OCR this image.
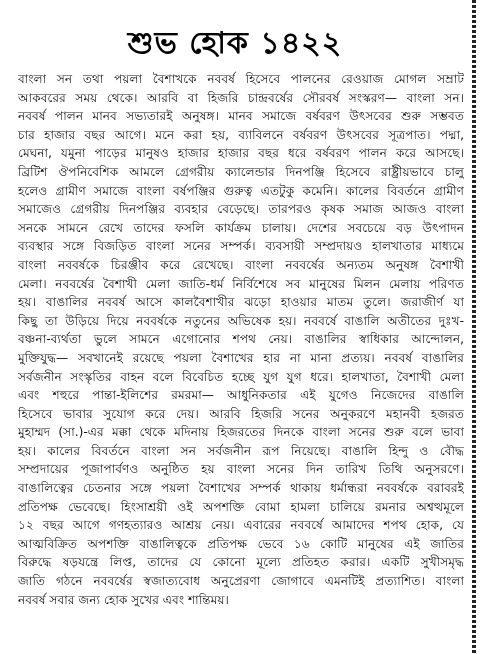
শুভ হোক ১৪২২
বাংলা সন তথা পয়লা বৈশাখকে নববর্ষ হিসেবে পালনের রেওয়াজ মোগল সম্রাট
আকবরের সময় থেকে। আরবি বা হিজরি চান্দ্রবর্ষের সৌরবর্ষ সংস্করণ— বাংলা সন।
নববর্ষ পালন মানব সভ্যতারই অনুষঙ্গ। মানব সমাজে বর্ষবরণ উৎসবের শুরু সম্ভবত
চার হাজার বছর আগে। মনে করা হয়, ব্যাবিলনে বর্ষবরণ উৎসবের সূত্রপাত। পদ্মা,
মেঘনা, যমুনা পাড়ের মানুষও হাজার হাজার বছর ধরে বর্ষবরণ পালন করে আসছে।
ব্রিটিশ ঔপনিবেশিক আমলে গ্রেগরীয় ক্যালেন্ডার দিনপঞ্জি হিসেবে রাষ্ট্রীয়ভাবে চালু
হলেও গ্রামীণ সমাজে বাংলা বর্ষপঞ্জির গুরুত্ব এতটুকু কমেনি। কালের বিবর্তনে গ্রামীণ
সমাজেও গ্রেগরীয় দিনপঞ্জির ব্যবহার বেড়েছে। তারপরও কৃষক সমাজ আজও বাংলা
সনকে সামনে রেখে তাদের ফসলি কার্যক্রম চালায়। দেশের সবচেয়ে বড় উৎপাদন
ব্যবস্থার সঙ্গে বিজড়িত বাংলা সনের সম্পর্ক। ব্যবসায়ী সম্প্রদায়ও হালখাতার মাধ্যমে
বাংলা নববর্ষকে চিরঞ্জীব করে রেখেছে। বাংলা নববর্ষের অন্যতম অনুষঙ্গ বৈশাখী
মেলা। নববর্ষের বৈশাখী মেলা জাতি-ধর্ম নির্বিশেষে সব মানুষের মিলন মেলায় পরিণত
হয়। বাঙালির নববর্ষ আসে কালবৈশাখীর ঝড়ো হাওয়ার মাতম তুলে। জরাজীর্ণ যা
কিছু তা উড়িয়ে দিয়ে নববর্ষকে নতুনের অভিষেক হয়। নববর্ষে বাঙালি অতীতের দুঃখ-
বঞ্চনা-ব্যর্থতা ভুলে সামনে এগোনোর শপথ নেয়। বাঙালির স্বাধিকার আন্দোলন,
মুক্তিযুদ্ধ— সবখানেই রয়েছে পয়লা বৈশাখের হার না মানা প্রত্যয়। নববর্ষ বাঙালির
সর্বজনীন সংস্কৃতির বাহন বলে বিবেচিত হচ্ছে যুগ যুগ ধরে। হালখাতা, বৈশাখী মেলা
এবং শহুরে পান্তা-ইলিশের রমরমা— আধুনিকতার এই যুগেও নিজেদের বাঙালি
হিসেবে ভাবার সুযোগ করে দেয়। আরবি হিজরি সনের অনুকরণে মহানবী হজরত
মুহাম্মদ (সা.)-এর মক্কা থেকে মদিনায় হিজরতের দিনকে বাংলা সনের শুরু বলে ভাবা
হয়। কালের বিবর্তনে বাংলা সন সর্বজনীন রূপ নিয়েছে। বাঙালি হিন্দু ও বৌদ্ধ
সম্প্রদায়ের পূজাপার্বণও অনুষ্ঠিত হয় বাংলা সনের দিন তারিখ তিথি অনুসরণে।
বাঙালিত্বের চেতনার সঙ্গে পয়লা বৈশাখের সম্পর্ক থাকায় ধর্মান্ধরা নববর্ষকে বরাবরই
প্রতিপক্ষ ভেবেছে। হিংসাশ্রয়ী ওই অপশক্তি বোমা হামলা চালিয়ে রমনার অশ্বত্থমূলে
১২ বছর আগে গণহত্যারও আশ্রয় নেয়। এবারের নববর্ষে আমাদের শপথ হোক, যে
আত্মবিক্রিত অপশক্তি বাঙালিত্বকে প্রতিপক্ষ ভেবে ১৬ কোটি মানুষের এই জাতির
বিরুদ্ধে ষড়যন্ত্রে লিপ্ত, তাদের যে কোনো মূল্যে প্রতিহত করার। একটি সুখীসমৃদ্ধ
জাতি গঠনে নববর্ষের স্বজাত্যবোধ অনুপ্রেরণা জোগাবে এমনটিই প্রত্যাশিত। বাংলা
নববর্ষ সবার জন্য হোক সুখের এবং শান্তিময়।
